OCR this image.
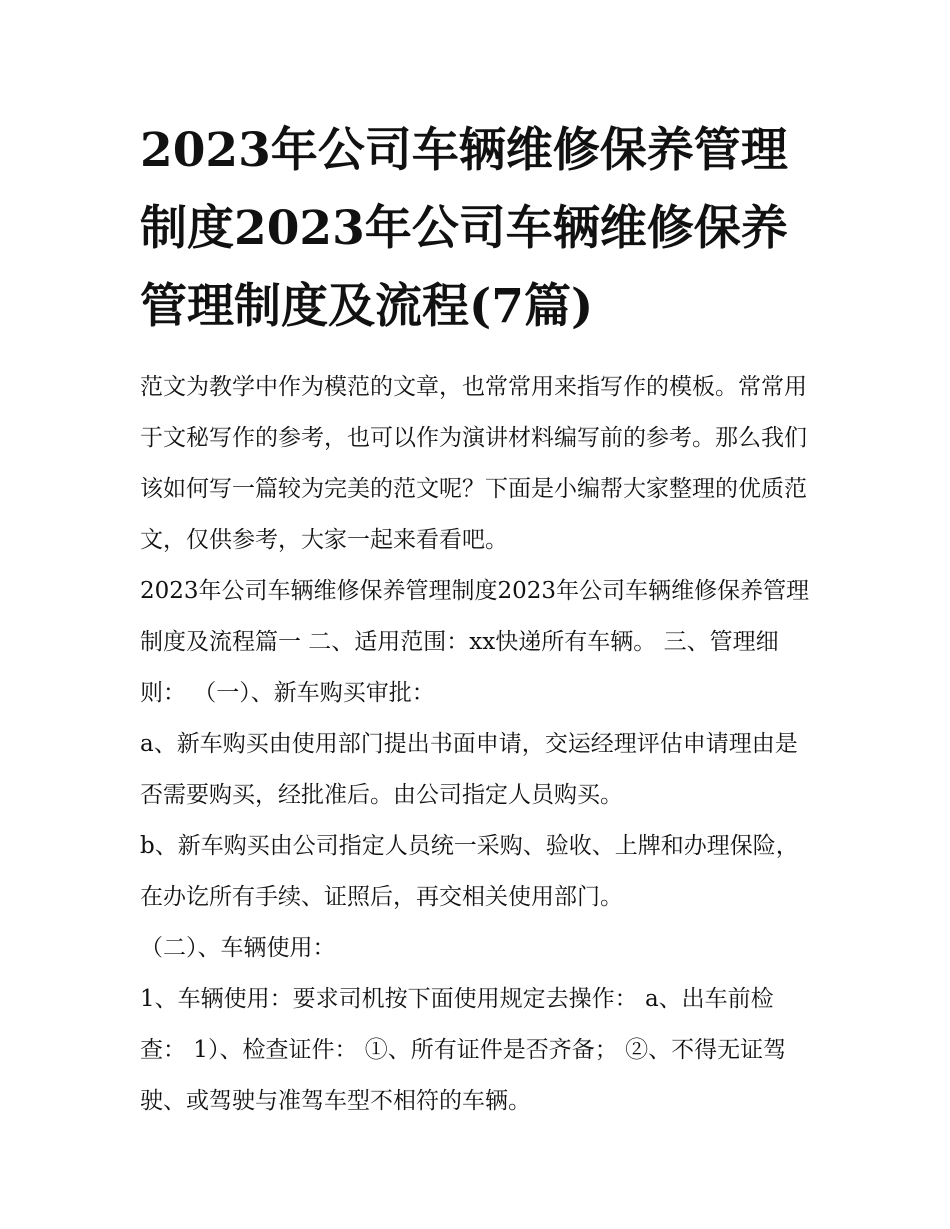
2023年公司车辆维修保养管理制度2023年公司车辆维修保养管理制度及流程(7篇)

范文为教学中作为模范的文章，也常常用来指写作的模板。常常用于文秘写作的参考，也可以作为演讲材料编写前的参考。那么我们该如何写一篇较为完美的范文呢？下面是小编帮大家整理的优质范文，仅供参考，大家一起来看看吧。

2023年公司车辆维修保养管理制度2023年公司车辆维修保养管理制度及流程篇一 二、适用范围：xx快递所有车辆。 三、管理细则： （一）、新车购买审批：

a、新车购买由使用部门提出书面申请，交运经理评估申请理由是否需要购买，经批准后。由公司指定人员购买。

b、新车购买由公司指定人员统一采购、验收、上牌和办理保险，在办讫所有手续、证照后，再交相关使用部门。

（二）、车辆使用：

1、车辆使用：要求司机按下面使用规定去操作： a、出车前检查： 1）、检查证件： ①、所有证件是否齐备； ②、不得无证驾驶、或驾驶与准驾车型不相符的车辆。
